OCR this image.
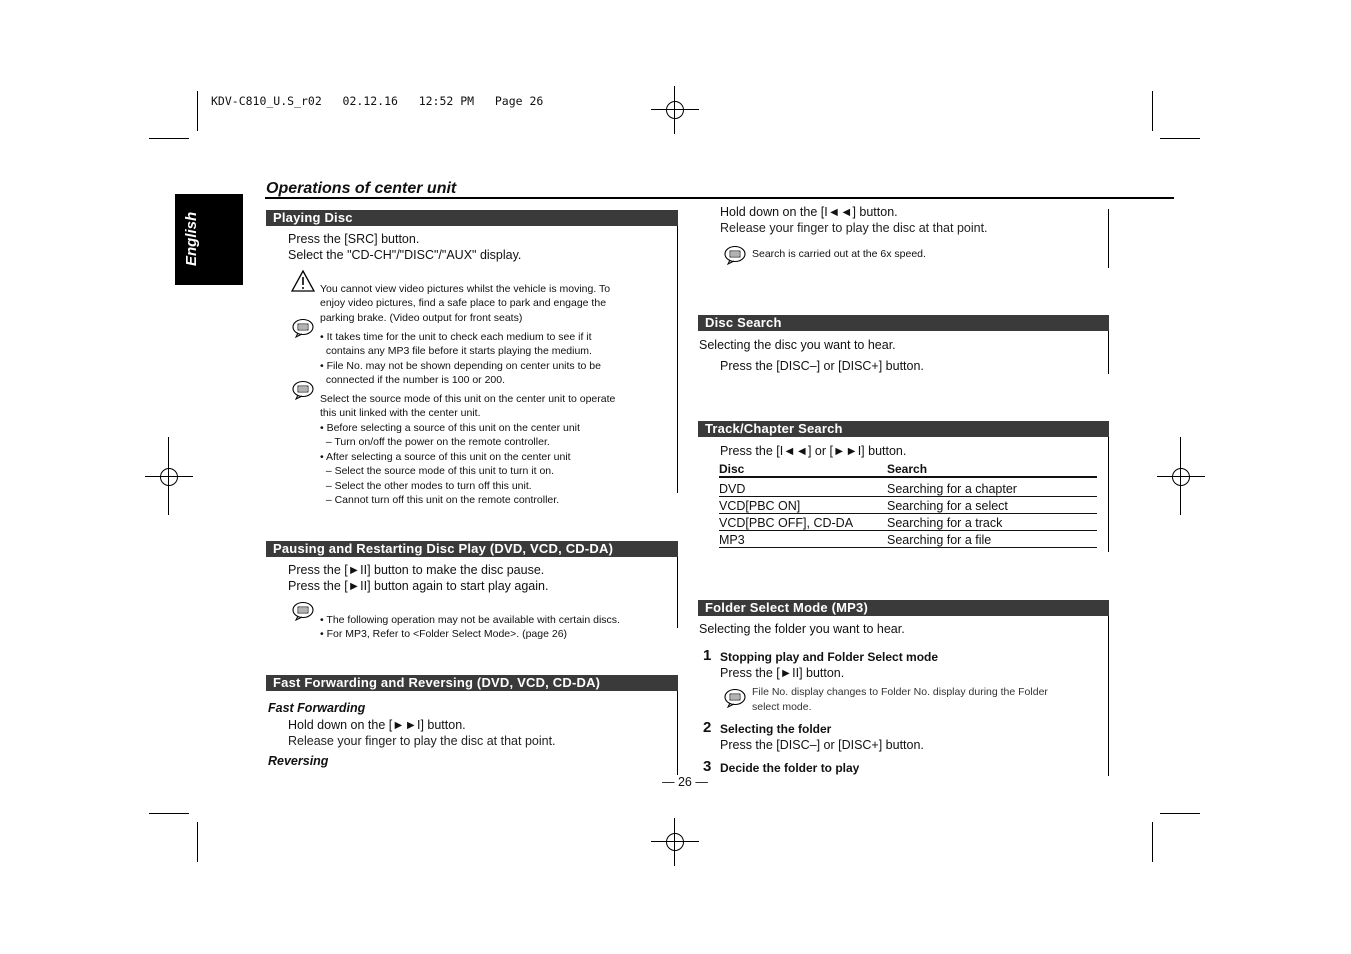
KDV-C810_U.S_r02   02.12.16   12:52 PM   Page 26
English
Operations of center unit
Playing Disc
Press the [SRC] button.
Select the "CD-CH"/"DISC"/"AUX" display.

You cannot view video pictures whilst the vehicle is moving. To
enjoy video pictures, find a safe place to park and engage the
parking brake. (Video output for front seats)

• It takes time for the unit to check each medium to see if it
contains any MP3 file before it starts playing the medium.
• File No. may not be shown depending on center units to be
connected if the number is 100 or 200.

Select the source mode of this unit on the center unit to operate
this unit linked with the center unit.
• Before selecting a source of this unit on the center unit
– Turn on/off the power on the remote controller.
• After selecting a source of this unit on the center unit
– Select the source mode of this unit to turn it on.
– Select the other modes to turn off this unit.
– Cannot turn off this unit on the remote controller.
Pausing and Restarting Disc Play (DVD, VCD, CD-DA)
Press the [►II] button to make the disc pause.
Press the [►II] button again to start play again.

• The following operation may not be available with certain discs.
• For MP3, Refer to <Folder Select Mode>. (page 26)
Fast Forwarding and Reversing (DVD, VCD, CD-DA)
Fast Forwarding
Hold down on the [►►I] button.
Release your finger to play the disc at that point.
Reversing
— 26 —
Hold down on the [I◄◄] button.
Release your finger to play the disc at that point.
Search is carried out at the 6x speed.
Disc Search
Selecting the disc you want to hear.
Press the [DISC–] or [DISC+] button.
Track/Chapter Search
Press the [I◄◄] or [►►I] button.
Disc	Search
DVD	Searching for a chapter
VCD[PBC ON]	Searching for a select
VCD[PBC OFF], CD-DA	Searching for a track
MP3	Searching for a file
Folder Select Mode (MP3)
Selecting the folder you want to hear.
1 Stopping play and Folder Select mode
Press the [►II] button.
File No. display changes to Folder No. display during the Folder
select mode.
2 Selecting the folder
Press the [DISC–] or [DISC+] button.
3 Decide the folder to play
